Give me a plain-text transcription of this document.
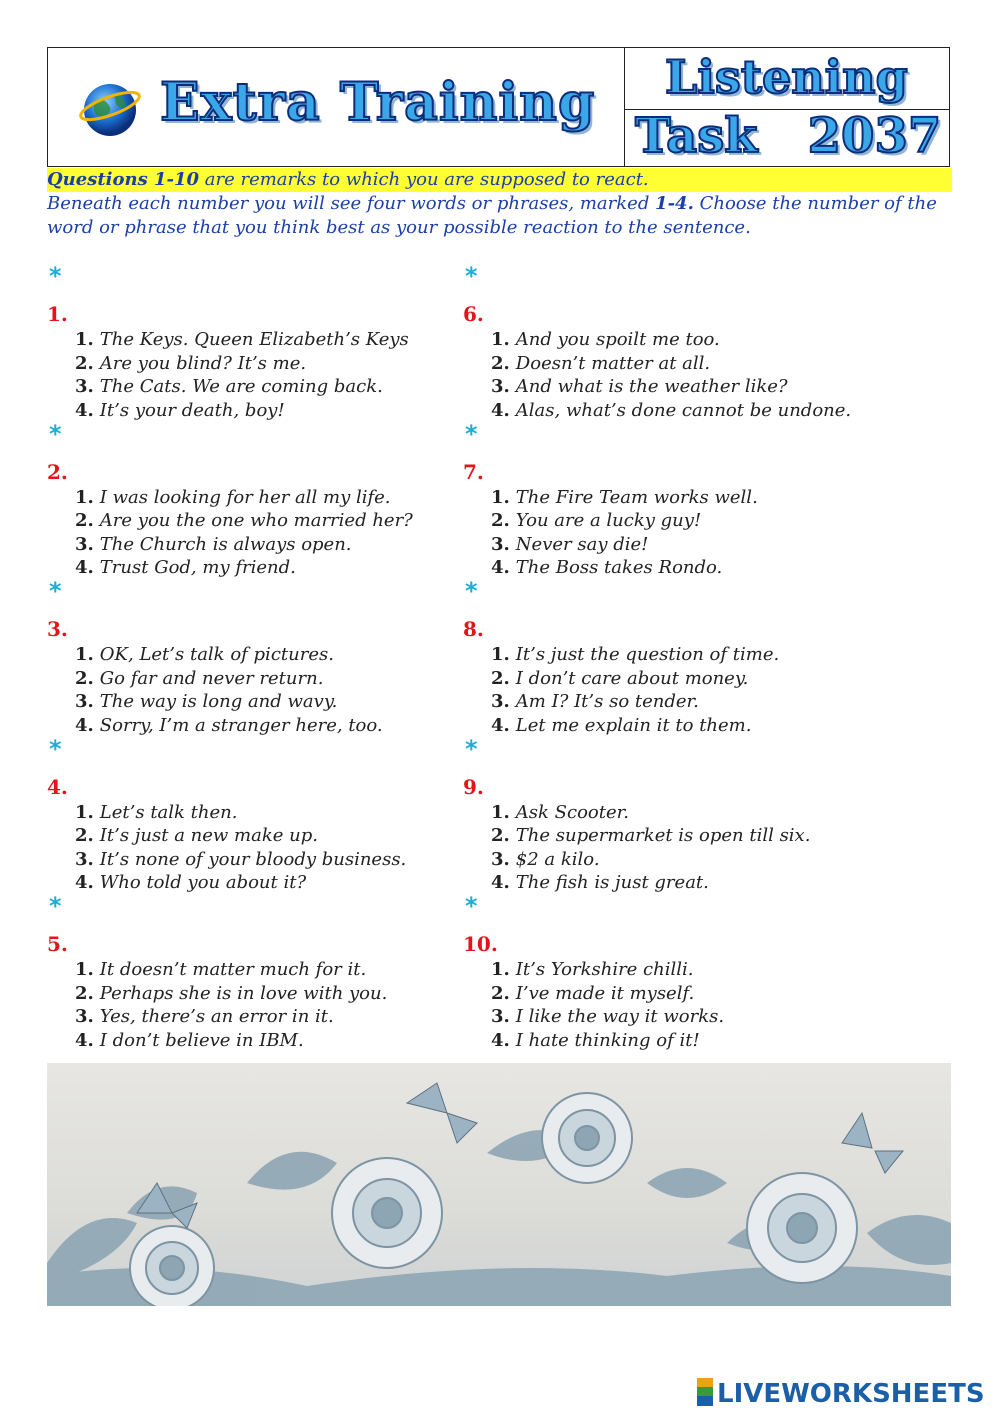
Extra Training Listening
Task   2037
Questions 1-10 are remarks to which you are supposed to react.
Beneath each number you will see four words or phrases, marked 1-4. Choose the number of the word or phrase that you think best as your possible reaction to the sentence.
*
1.
1. The Keys. Queen Elizabeth’s Keys
2. Are you blind? It’s me.
3. The Cats. We are coming back.
4. It’s your death, boy!
*
2.
1. I was looking for her all my life.
2. Are you the one who married her?
3. The Church is always open.
4. Trust God, my friend.
*
3.
1. OK, Let’s talk of pictures.
2. Go far and never return.
3. The way is long and wavy.
4. Sorry, I’m a stranger here, too.
*
4.
1. Let’s talk then.
2. It’s just a new make up.
3. It’s none of your bloody business.
4. Who told you about it?
*
5.
1. It doesn’t matter much for it.
2. Perhaps she is in love with you.
3. Yes, there’s an error in it.
4. I don’t believe in IBM.
*
6.
1. And you spoilt me too.
2. Doesn’t matter at all.
3. And what is the weather like?
4. Alas, what’s done cannot be undone.
*
7.
1. The Fire Team works well.
2. You are a lucky guy!
3. Never say die!
4. The Boss takes Rondo.
*
8.
1. It’s just the question of time.
2. I don’t care about money.
3. Am I? It’s so tender.
4. Let me explain it to them.
*
9.
1. Ask Scooter.
2. The supermarket is open till six.
3. $2 a kilo.
4. The fish is just great.
*
10.
1. It’s Yorkshire chilli.
2. I’ve made it myself.
3. I like the way it works.
4. I hate thinking of it!
LIVEWORKSHEETS
